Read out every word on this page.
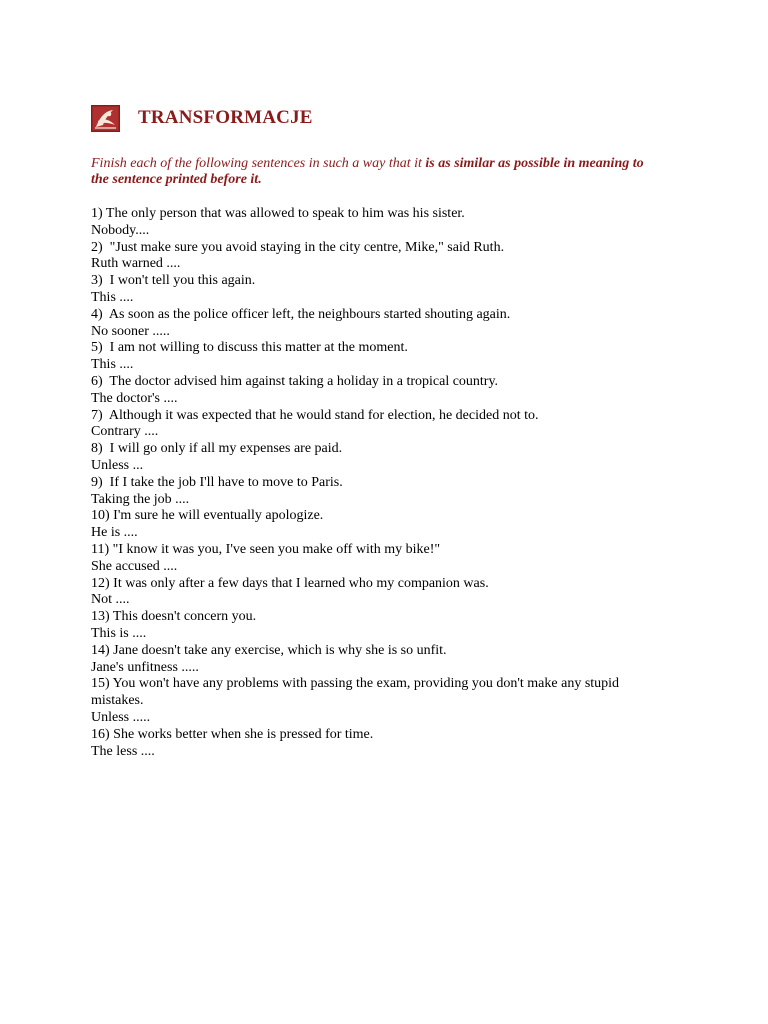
TRANSFORMACJE
Finish each of the following sentences in such a way that it is as similar as possible in meaning to the sentence printed before it.
1) The only person that was allowed to speak to him was his sister.
Nobody....
2)  "Just make sure you avoid staying in the city centre, Mike," said Ruth.
Ruth warned ....
3)  I won't tell you this again.
This ....
4)  As soon as the police officer left, the neighbours started shouting again.
No sooner .....
5)  I am not willing to discuss this matter at the moment.
This ....
6)  The doctor advised him against taking a holiday in a tropical country.
The doctor's ....
7)  Although it was expected that he would stand for election, he decided not to.
Contrary ....
8)  I will go only if all my expenses are paid.
Unless ...
9)  If I take the job I'll have to move to Paris.
Taking the job ....
10) I'm sure he will eventually apologize.
He is ....
11) "I know it was you, I've seen you make off with my bike!"
She accused ....
12) It was only after a few days that I learned who my companion was.
Not ....
13) This doesn't concern you.
This is ....
14) Jane doesn't take any exercise, which is why she is so unfit.
Jane's unfitness .....
15) You won't have any problems with passing the exam, providing you don't make any stupid mistakes.
Unless .....
16) She works better when she is pressed for time.
The less ....
